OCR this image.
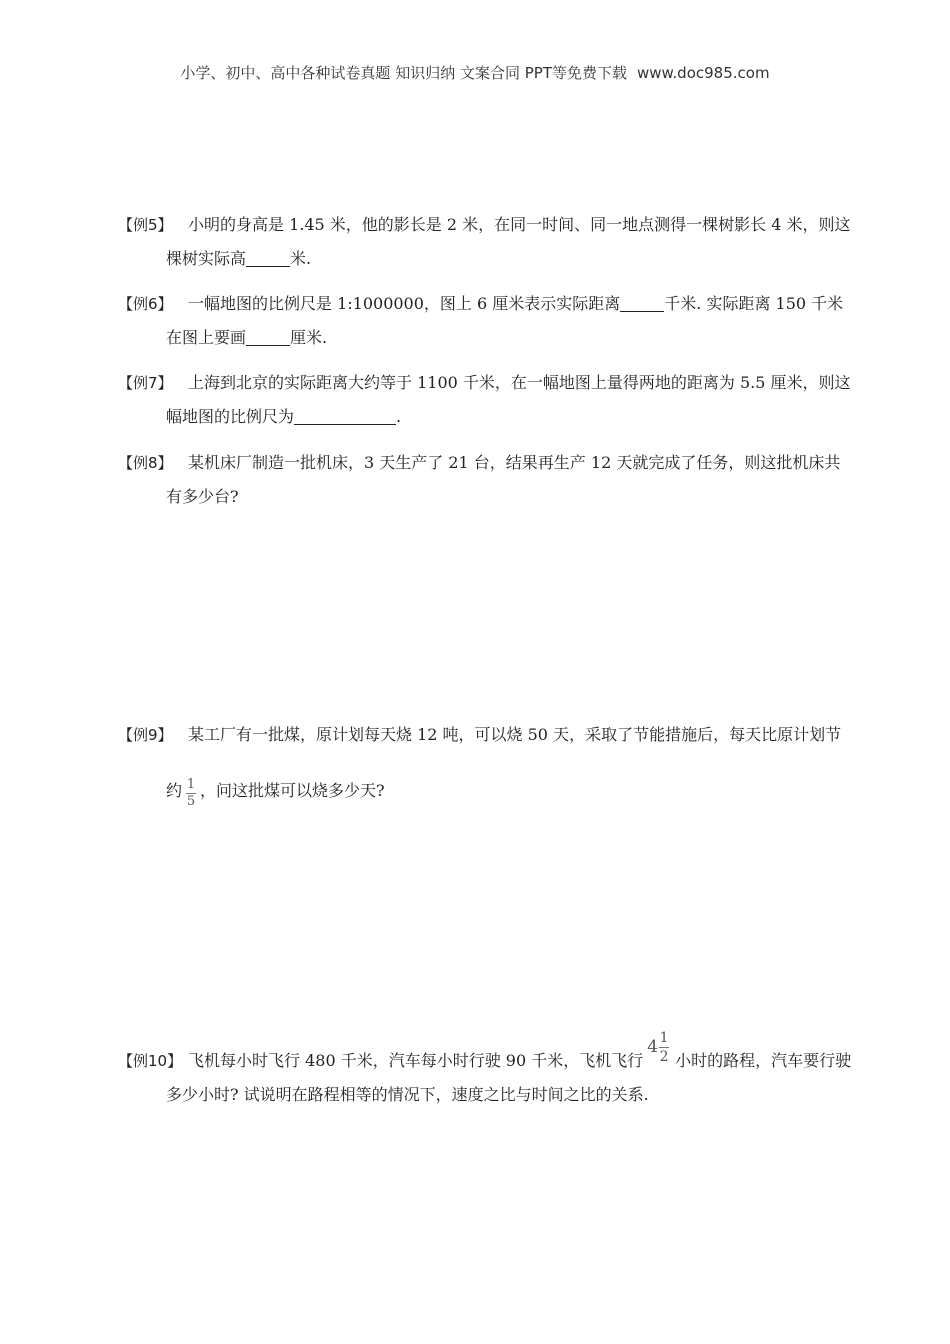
小学、初中、高中各种试卷真题 知识归纳 文案合同 PPT等免费下载 www.doc985.com
【例5】 小明的身高是 1.45 米，他的影长是 2 米，在同一时间、同一地点测得一棵树影长 4 米，则这
棵树实际高	米.
【例6】 一幅地图的比例尺是 1:1000000，图上 6 厘米表示实际距离	千米. 实际距离 150 千米
在图上要画	厘米.
【例7】 上海到北京的实际距离大约等于 1100 千米，在一幅地图上量得两地的距离为 5.5 厘米，则这
幅地图的比例尺为	.
【例8】 某机床厂制造一批机床，3 天生产了 21 台，结果再生产 12 天就完成了任务，则这批机床共
有多少台?
【例9】 某工厂有一批煤，原计划每天烧 12 吨，可以烧 50 天，采取了节能措施后，每天比原计划节
约 $\frac{1}{5}$ ，问这批煤可以烧多少天?
【例10】 飞机每小时飞行 480 千米，汽车每小时行驶 90 千米，飞机飞行
$4 \frac{1}{2}$ 小时的路程，汽车要行驶
多少小时? 试说明在路程相等的情况下，速度之比与时间之比的关系.
